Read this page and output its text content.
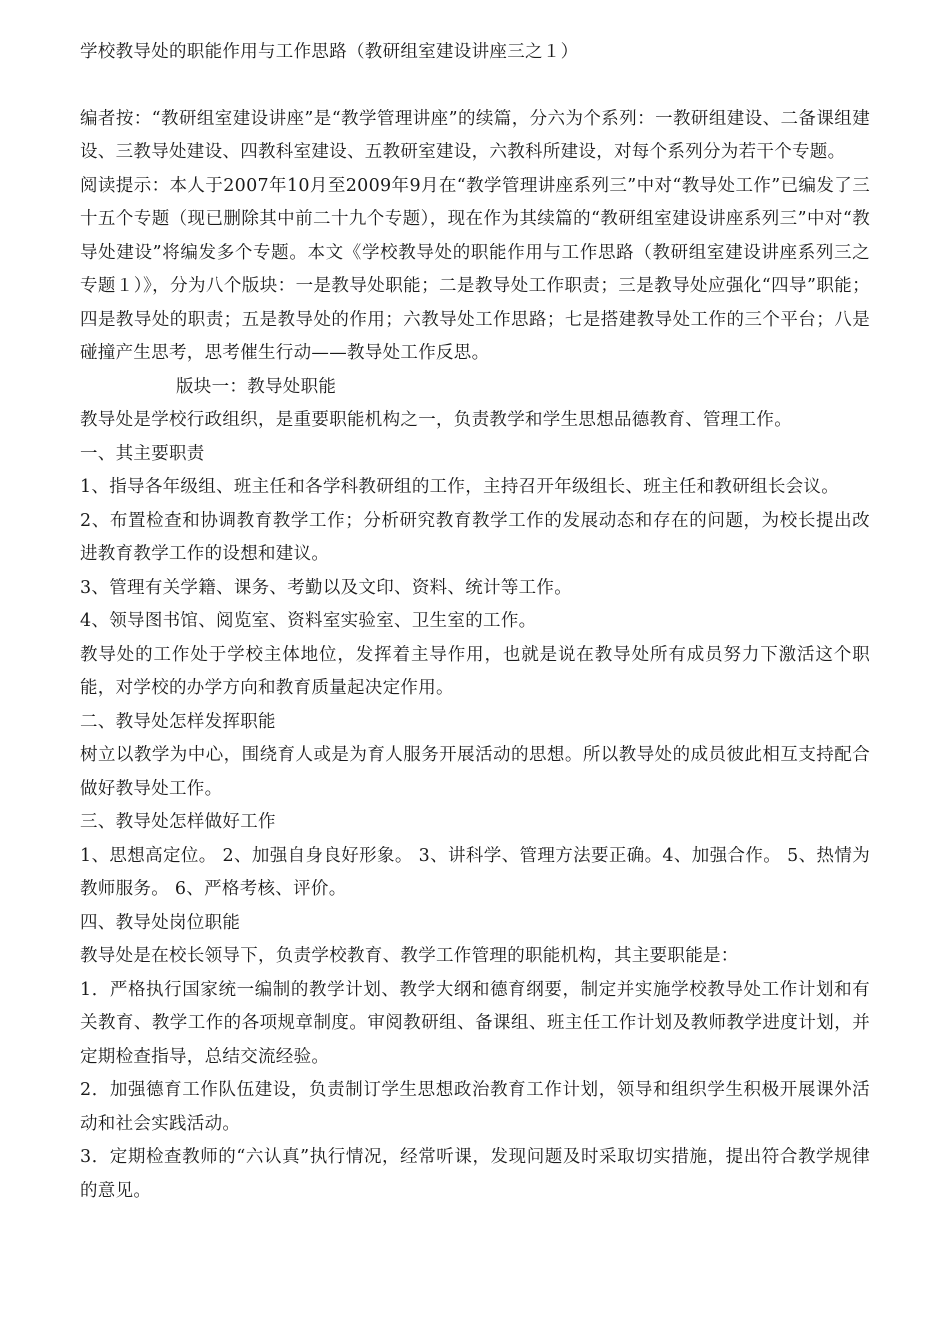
学校教导处的职能作用与工作思路（教研组室建设讲座三之１）
编者按：“教研组室建设讲座”是“教学管理讲座”的续篇，分六为个系列：一教研组建设、二备课组建设、三教导处建设、四教科室建设、五教研室建设，六教科所建设，对每个系列分为若干个专题。
阅读提示：本人于2007年10月至2009年9月在“教学管理讲座系列三”中对“教导处工作”已编发了三十五个专题（现已删除其中前二十九个专题），现在作为其续篇的“教研组室建设讲座系列三”中对“教导处建设”将编发多个专题。本文《学校教导处的职能作用与工作思路（教研组室建设讲座系列三之专题１）》，分为八个版块：一是教导处职能；二是教导处工作职责；三是教导处应强化“四导”职能；四是教导处的职责；五是教导处的作用；六教导处工作思路；七是搭建教导处工作的三个平台；八是碰撞产生思考，思考催生行动——教导处工作反思。
版块一：教导处职能
教导处是学校行政组织，是重要职能机构之一，负责教学和学生思想品德教育、管理工作。
一、其主要职责
1、指导各年级组、班主任和各学科教研组的工作，主持召开年级组长、班主任和教研组长会议。
2、布置检查和协调教育教学工作；分析研究教育教学工作的发展动态和存在的问题，为校长提出改进教育教学工作的设想和建议。
3、管理有关学籍、课务、考勤以及文印、资料、统计等工作。
4、领导图书馆、阅览室、资料室实验室、卫生室的工作。
教导处的工作处于学校主体地位，发挥着主导作用，也就是说在教导处所有成员努力下激活这个职能，对学校的办学方向和教育质量起决定作用。
二、教导处怎样发挥职能
树立以教学为中心，围绕育人或是为育人服务开展活动的思想。所以教导处的成员彼此相互支持配合做好教导处工作。
三、教导处怎样做好工作
1、思想高定位。 2、加强自身良好形象。 3、讲科学、管理方法要正确。4、加强合作。 5、热情为教师服务。 6、严格考核、评价。
四、教导处岗位职能
教导处是在校长领导下，负责学校教育、教学工作管理的职能机构，其主要职能是：
1．严格执行国家统一编制的教学计划、教学大纲和德育纲要，制定并实施学校教导处工作计划和有关教育、教学工作的各项规章制度。审阅教研组、备课组、班主任工作计划及教师教学进度计划，并定期检查指导，总结交流经验。
2．加强德育工作队伍建设，负责制订学生思想政治教育工作计划，领导和组织学生积极开展课外活动和社会实践活动。
3．定期检查教师的“六认真”执行情况，经常听课，发现问题及时采取切实措施，提出符合教学规律的意见。
